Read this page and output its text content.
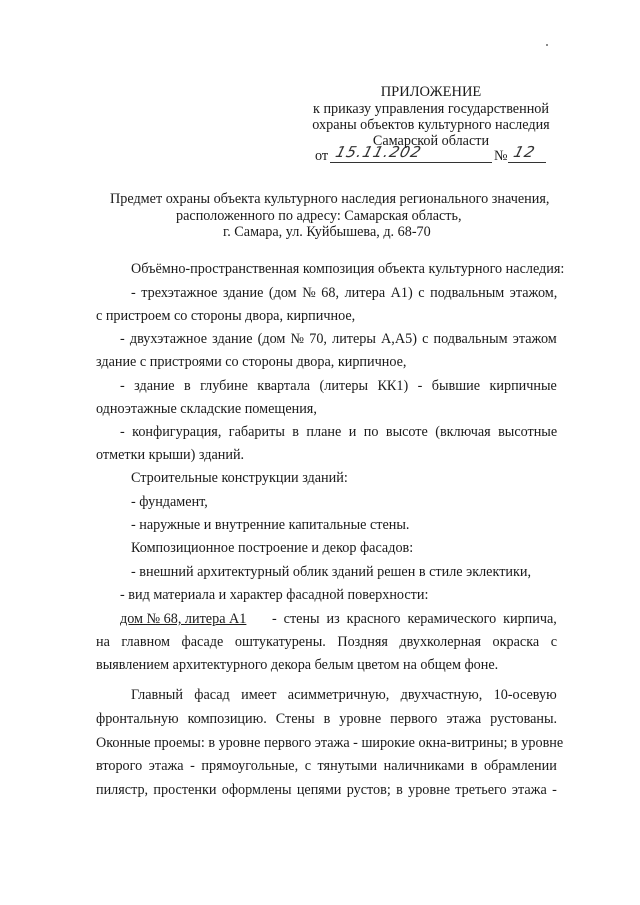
ПРИЛОЖЕНИЕ
к приказу управления государственной
охраны объектов культурного наследия
Самарской области
от 15.11.202	№ 12
Предмет охраны объекта культурного наследия регионального значения,
расположенного по адресу: Самарская область,
г. Самара, ул. Куйбышева, д. 68-70
Объёмно-пространственная композиция объекта культурного наследия:
- трехэтажное здание (дом № 68, литера А1) с подвальным этажом,
с пристроем со стороны двора, кирпичное,
- двухэтажное здание (дом № 70, литеры А,А5) с подвальным этажом
здание с пристроями со стороны двора, кирпичное,
- здание в глубине квартала (литеры КК1) - бывшие кирпичные
одноэтажные складские помещения,
- конфигурация, габариты в плане и по высоте (включая высотные
отметки крыши) зданий.
Строительные конструкции зданий:
- фундамент,
- наружные и внутренние капитальные стены.
Композиционное построение и декор фасадов:
- внешний архитектурный облик зданий решен в стиле эклектики,
- вид материала и характер фасадной поверхности:
дом № 68, литера А1 - стены из красного керамического кирпича,
на главном фасаде оштукатурены. Поздняя двухколерная окраска с
выявлением архитектурного декора белым цветом на общем фоне.
Главный фасад имеет асимметричную, двухчастную, 10-осевую
фронтальную композицию. Стены в уровне первого этажа рустованы.
Оконные проемы: в уровне первого этажа - широкие окна-витрины; в уровне
второго этажа - прямоугольные, с тянутыми наличниками в обрамлении
пилястр, простенки оформлены цепями рустов; в уровне третьего этажа -
